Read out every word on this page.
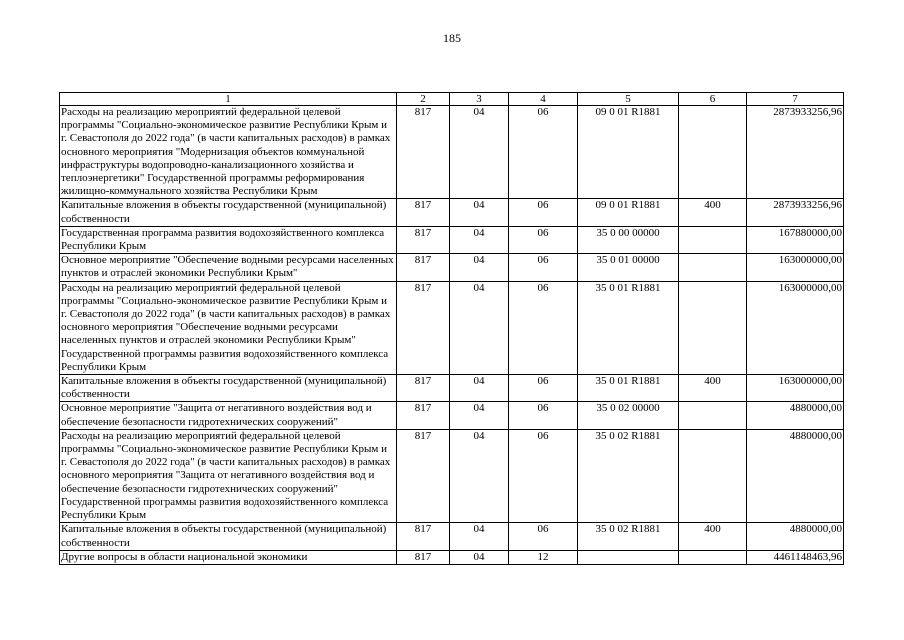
185
1	2	3	4	5	6	7
Расходы на реализацию мероприятий федеральной целевой программы "Социально-экономическое развитие Республики Крым и г. Севастополя до 2022 года" (в части капитальных расходов) в рамках основного мероприятия "Модернизация объектов коммунальной инфраструктуры водопроводно-канализационного хозяйства и теплоэнергетики" Государственной программы реформирования жилищно-коммунального хозяйства Республики Крым	817	04	06	09 0 01 R1881		2873933256,96
Капитальные вложения в объекты государственной (муниципальной) собственности	817	04	06	09 0 01 R1881	400	2873933256,96
Государственная программа развития водохозяйственного комплекса Республики Крым	817	04	06	35 0 00 00000		167880000,00
Основное мероприятие "Обеспечение водными ресурсами населенных пунктов и отраслей экономики Республики Крым"	817	04	06	35 0 01 00000		163000000,00
Расходы на реализацию мероприятий федеральной целевой программы "Социально-экономическое развитие Республики Крым и г. Севастополя до 2022 года" (в части капитальных расходов) в рамках основного мероприятия "Обеспечение водными ресурсами населенных пунктов и отраслей экономики Республики Крым" Государственной программы развития водохозяйственного комплекса Республики Крым	817	04	06	35 0 01 R1881		163000000,00
Капитальные вложения в объекты государственной (муниципальной) собственности	817	04	06	35 0 01 R1881	400	163000000,00
Основное мероприятие "Защита от негативного воздействия вод и обеспечение безопасности гидротехнических сооружений"	817	04	06	35 0 02 00000		4880000,00
Расходы на реализацию мероприятий федеральной целевой программы "Социально-экономическое развитие Республики Крым и г. Севастополя до 2022 года" (в части капитальных расходов) в рамках основного мероприятия "Защита от негативного воздействия вод и обеспечение безопасности гидротехнических сооружений" Государственной программы развития водохозяйственного комплекса Республики Крым	817	04	06	35 0 02 R1881		4880000,00
Капитальные вложения в объекты государственной (муниципальной) собственности	817	04	06	35 0 02 R1881	400	4880000,00
Другие вопросы в области национальной экономики	817	04	12			4461148463,96
